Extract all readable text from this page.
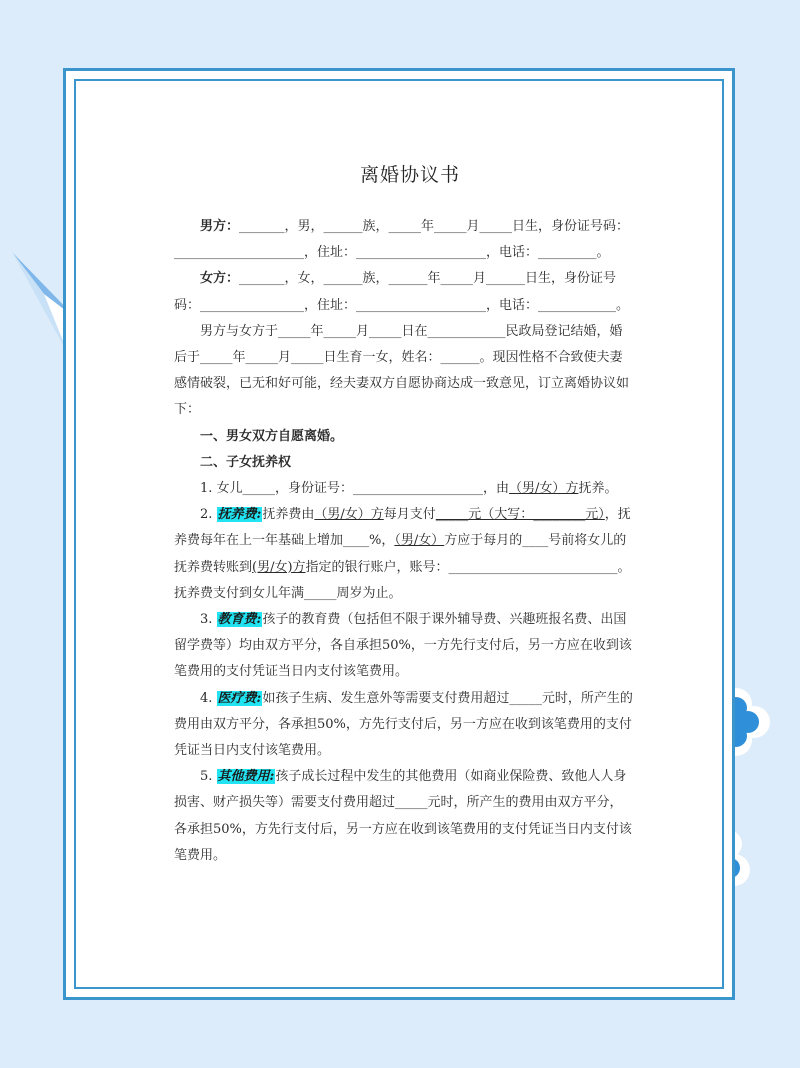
离婚协议书

男方：_______，男，______族，_____年_____月_____日生，身份证号码：____________________，住址：____________________，电话：_________。

女方：_______，女，______族，______年_____月______日生，身份证号码：________________，住址：____________________，电话：____________。

男方与女方于_____年_____月_____日在____________民政局登记结婚，婚后于_____年_____月_____日生育一女，姓名：______。现因性格不合致使夫妻感情破裂，已无和好可能，经夫妻双方自愿协商达成一致意见，订立离婚协议如下：

一、男女双方自愿离婚。

二、子女抚养权

1. 女儿_____，身份证号：____________________，由（男/女）方抚养。

2. 抚养费:抚养费由（男/女）方每月支付_____元（大写：________元），抚养费每年在上一年基础上增加____%，（男/女）方应于每月的____号前将女儿的抚养费转账到(男/女)方指定的银行账户，账号：__________________________。抚养费支付到女儿年满_____周岁为止。

3. 教育费:孩子的教育费（包括但不限于课外辅导费、兴趣班报名费、出国留学费等）均由双方平分，各自承担50%，一方先行支付后，另一方应在收到该笔费用的支付凭证当日内支付该笔费用。

4. 医疗费:如孩子生病、发生意外等需要支付费用超过_____元时，所产生的费用由双方平分，各承担50%，方先行支付后，另一方应在收到该笔费用的支付凭证当日内支付该笔费用。

5. 其他费用:孩子成长过程中发生的其他费用（如商业保险费、致他人人身损害、财产损失等）需要支付费用超过_____元时，所产生的费用由双方平分，各承担50%，方先行支付后，另一方应在收到该笔费用的支付凭证当日内支付该笔费用。
